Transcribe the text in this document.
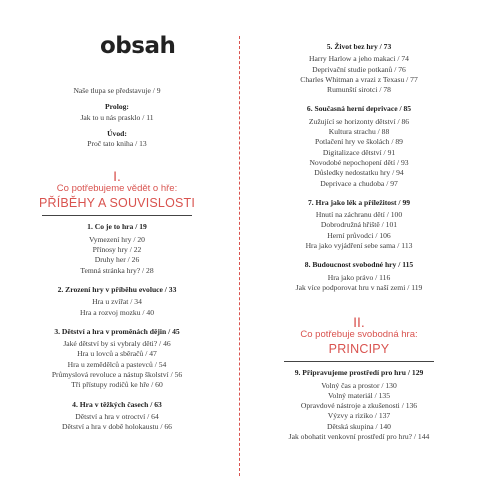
obsah
Naše tlupa se představuje / 9
Prolog:
Jak to u nás prasklo / 11
Úvod:
Proč tato kniha / 13
I.
Co potřebujeme vědět o hře:
PŘÍBĚHY A SOUVISLOSTI
1. Co je to hra / 19
Vymezení hry / 20
Přínosy hry / 22
Druhy her / 26
Temná stránka hry? / 28
2. Zrození hry v příběhu evoluce / 33
Hra u zvířat / 34
Hra a rozvoj mozku / 40
3. Dětství a hra v proměnách dějin / 45
Jaké dětství by si vybraly děti? / 46
Hra u lovců a sběračů / 47
Hra u zemědělců a pastevců / 54
Průmyslová revoluce a nástup školství / 56
Tři přístupy rodičů ke hře / 60
4. Hra v těžkých časech / 63
Dětství a hra v otroctví / 64
Dětství a hra v době holokaustu / 66
5. Život bez hry / 73
Harry Harlow a jeho makaci / 74
Deprivační studie potkanů / 76
Charles Whitman a vrazi z Texasu / 77
Rumunští sirotci / 78
6. Současná herní deprivace / 85
Zužující se horizonty dětství / 86
Kultura strachu / 88
Potlačení hry ve školách / 89
Digitalizace dětství / 91
Novodobé nepochopení dětí / 93
Důsledky nedostatku hry / 94
Deprivace a chudoba / 97
7. Hra jako lék a příležitost / 99
Hnutí na záchranu dětí / 100
Dobrodružná hřiště / 101
Herní průvodci / 106
Hra jako vyjádření sebe sama / 113
8. Budoucnost svobodné hry / 115
Hra jako právo / 116
Jak více podporovat hru v naší zemi / 119
II.
Co potřebuje svobodná hra:
PRINCIPY
9. Připravujeme prostředí pro hru / 129
Volný čas a prostor / 130
Volný materiál / 135
Opravdové nástroje a zkušenosti / 136
Výzvy a riziko / 137
Dětská skupina / 140
Jak obohatit venkovní prostředí pro hru? / 144
